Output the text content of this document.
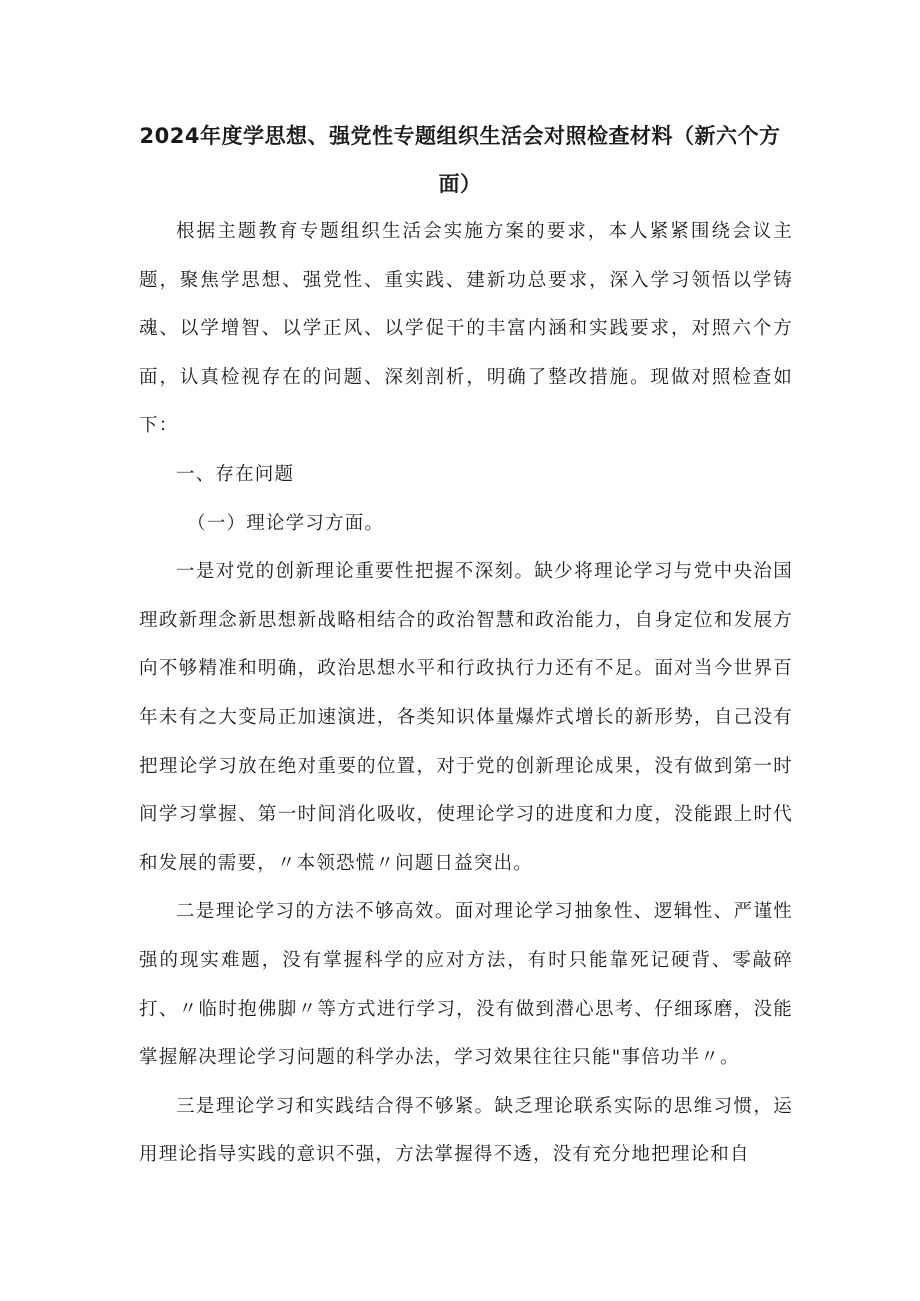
2024年度学思想、强党性专题组织生活会对照检查材料（新六个方面）

根据主题教育专题组织生活会实施方案的要求，本人紧紧围绕会议主题，聚焦学思想、强党性、重实践、建新功总要求，深入学习领悟以学铸魂、以学增智、以学正风、以学促干的丰富内涵和实践要求，对照六个方面，认真检视存在的问题、深刻剖析，明确了整改措施。现做对照检查如下：

一、存在问题

（一）理论学习方面。

一是对党的创新理论重要性把握不深刻。缺少将理论学习与党中央治国理政新理念新思想新战略相结合的政治智慧和政治能力，自身定位和发展方向不够精准和明确，政治思想水平和行政执行力还有不足。面对当今世界百年未有之大变局正加速演进，各类知识体量爆炸式增长的新形势，自己没有把理论学习放在绝对重要的位置，对于党的创新理论成果，没有做到第一时间学习掌握、第一时间消化吸收，使理论学习的进度和力度，没能跟上时代和发展的需要，〃本领恐慌〃问题日益突出。

二是理论学习的方法不够高效。面对理论学习抽象性、逻辑性、严谨性强的现实难题，没有掌握科学的应对方法，有时只能靠死记硬背、零敲碎打、〃临时抱佛脚〃等方式进行学习，没有做到潜心思考、仔细琢磨，没能掌握解决理论学习问题的科学办法，学习效果往往只能"事倍功半〃。

三是理论学习和实践结合得不够紧。缺乏理论联系实际的思维习惯，运用理论指导实践的意识不强，方法掌握得不透，没有充分地把理论和自
